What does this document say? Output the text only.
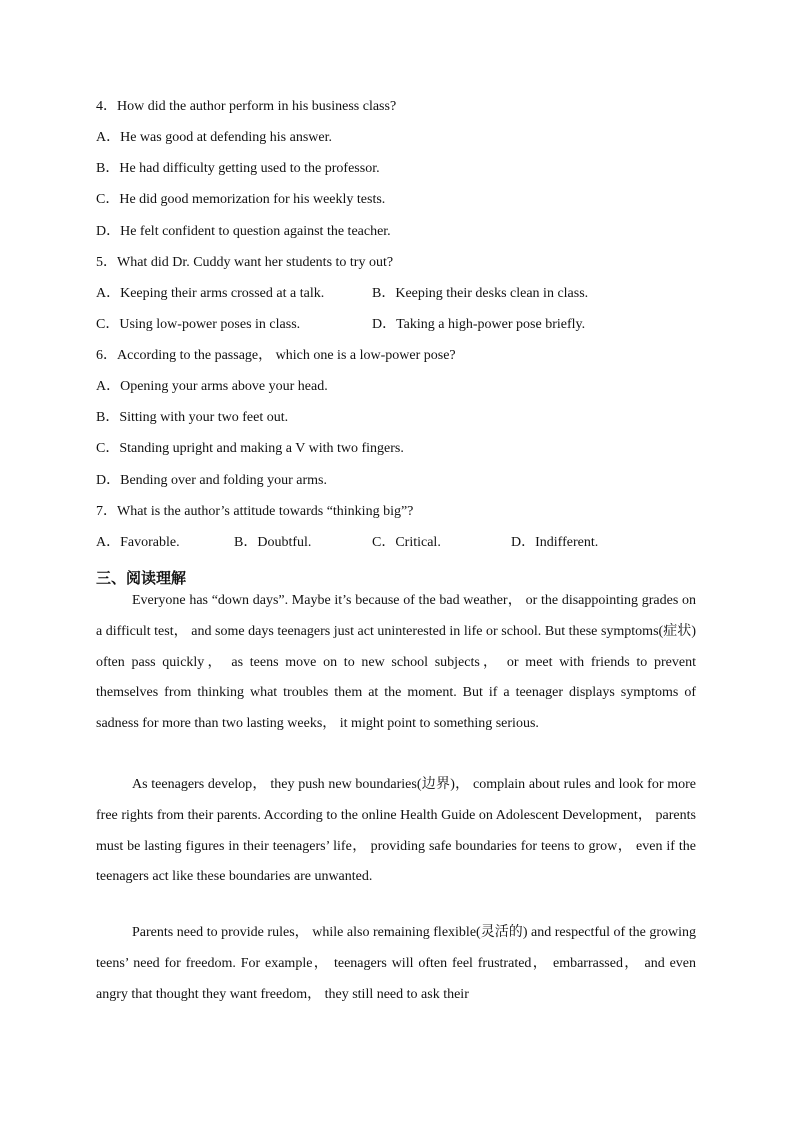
4．How did the author perform in his business class?
A．He was good at defending his answer.
B．He had difficulty getting used to the professor.
C．He did good memorization for his weekly tests.
D．He felt confident to question against the teacher.
5．What did Dr. Cuddy want her students to try out?
A．Keeping their arms crossed at a talk.	B．Keeping their desks clean in class.
C．Using low-power poses in class.	D．Taking a high-power pose briefly.
6．According to the passage， which one is a low-power pose?
A．Opening your arms above your head.
B．Sitting with your two feet out.
C．Standing upright and making a V with two fingers.
D．Bending over and folding your arms.
7．What is the author’s attitude towards “thinking big”?
A．Favorable.	B．Doubtful.	C．Critical.	D．Indifferent.
三、阅读理解

Everyone has “down days”. Maybe it’s because of the bad weather， or the disappointing grades on a difficult test， and some days teenagers just act uninterested in life or school. But these symptoms(症状) often pass quickly， as teens move on to new school subjects， or meet with friends to prevent themselves from thinking what troubles them at the moment. But if a teenager displays symptoms of sadness for more than two lasting weeks， it might point to something serious.

As teenagers develop， they push new boundaries(边界)， complain about rules and look for more free rights from their parents. According to the online Health Guide on Adolescent Development， parents must be lasting figures in their teenagers’ life， providing safe boundaries for teens to grow， even if the teenagers act like these boundaries are unwanted.

Parents need to provide rules， while also remaining flexible(灵活的) and respectful of the growing teens’ need for freedom. For example， teenagers will often feel frustrated， embarrassed， and even angry that thought they want freedom， they still need to ask their
